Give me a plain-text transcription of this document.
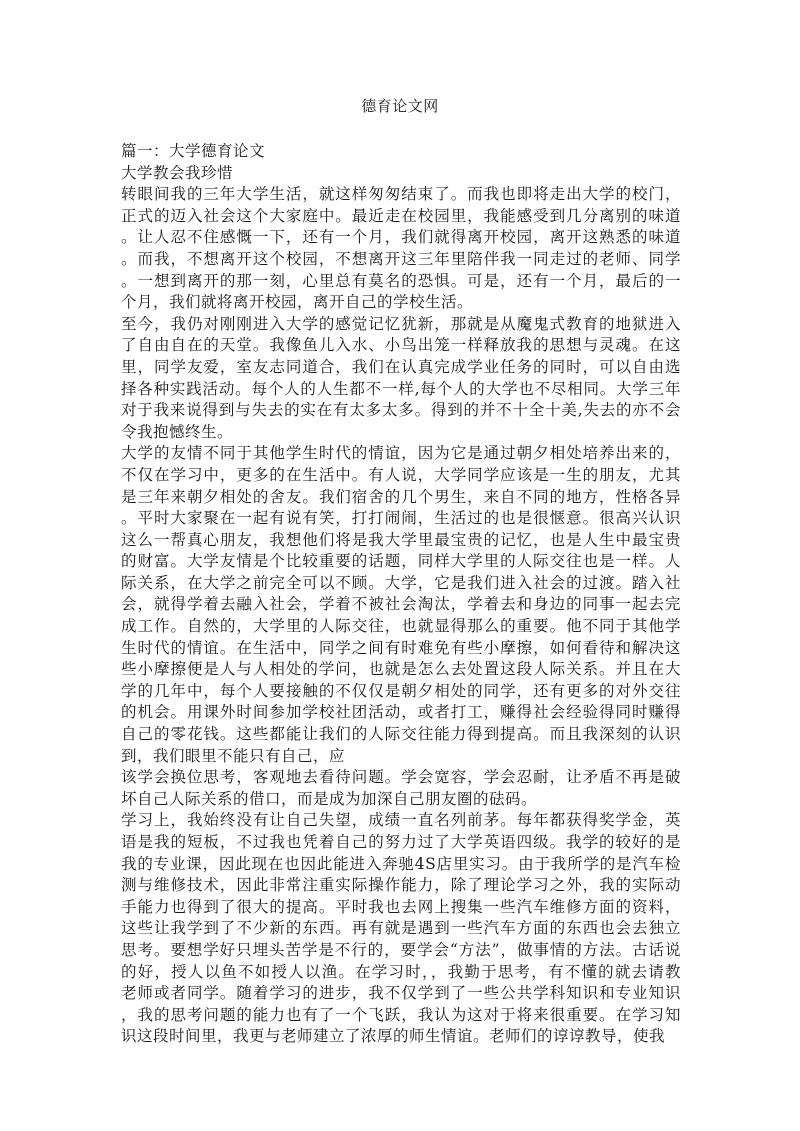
德育论文网
篇一：大学德育论文
大学教会我珍惜
转眼间我的三年大学生活，就这样匆匆结束了。而我也即将走出大学的校门，
正式的迈入社会这个大家庭中。最近走在校园里，我能感受到几分离别的味道
。让人忍不住感慨一下，还有一个月，我们就得离开校园，离开这熟悉的味道
。而我，不想离开这个校园，不想离开这三年里陪伴我一同走过的老师、同学
。一想到离开的那一刻，心里总有莫名的恐惧。可是，还有一个月，最后的一
个月，我们就将离开校园，离开自己的学校生活。
至今，我仍对刚刚进入大学的感觉记忆犹新，那就是从魔鬼式教育的地狱进入
了自由自在的天堂。我像鱼儿入水、小鸟出笼一样释放我的思想与灵魂。在这
里，同学友爱，室友志同道合，我们在认真完成学业任务的同时，可以自由选
择各种实践活动。每个人的人生都不一样,每个人的大学也不尽相同。大学三年
对于我来说得到与失去的实在有太多太多。得到的并不十全十美,失去的亦不会
令我抱憾终生。
大学的友情不同于其他学生时代的情谊，因为它是通过朝夕相处培养出来的，
不仅在学习中，更多的在生活中。有人说，大学同学应该是一生的朋友，尤其
是三年来朝夕相处的舍友。我们宿舍的几个男生，来自不同的地方，性格各异
。平时大家聚在一起有说有笑，打打闹闹，生活过的也是很惬意。很高兴认识
这么一帮真心朋友，我想他们将是我大学里最宝贵的记忆，也是人生中最宝贵
的财富。大学友情是个比较重要的话题，同样大学里的人际交往也是一样。人
际关系，在大学之前完全可以不顾。大学，它是我们进入社会的过渡。踏入社
会，就得学着去融入社会，学着不被社会淘汰，学着去和身边的同事一起去完
成工作。自然的，大学里的人际交往，也就显得那么的重要。他不同于其他学
生时代的情谊。在生活中，同学之间有时难免有些小摩擦，如何看待和解决这
些小摩擦便是人与人相处的学问，也就是怎么去处置这段人际关系。并且在大
学的几年中，每个人要接触的不仅仅是朝夕相处的同学，还有更多的对外交往
的机会。用课外时间参加学校社团活动，或者打工，赚得社会经验得同时赚得
自己的零花钱。这些都能让我们的人际交往能力得到提高。而且我深刻的认识
到，我们眼里不能只有自己，应
该学会换位思考，客观地去看待问题。学会宽容，学会忍耐，让矛盾不再是破
坏自己人际关系的借口，而是成为加深自己朋友圈的砝码。
学习上，我始终没有让自己失望，成绩一直名列前茅。每年都获得奖学金，英
语是我的短板，不过我也凭着自己的努力过了大学英语四级。我学的较好的是
我的专业课，因此现在也因此能进入奔驰4S店里实习。由于我所学的是汽车检
测与维修技术，因此非常注重实际操作能力，除了理论学习之外，我的实际动
手能力也得到了很大的提高。平时我也去网上搜集一些汽车维修方面的资料，
这些让我学到了不少新的东西。再有就是遇到一些汽车方面的东西也会去独立
思考。要想学好只埋头苦学是不行的，要学会“方法”，做事情的方法。古话说
的好，授人以鱼不如授人以渔。在学习时，，我勤于思考，有不懂的就去请教
老师或者同学。随着学习的进步，我不仅学到了一些公共学科知识和专业知识
，我的思考问题的能力也有了一个飞跃，我认为这对于将来很重要。在学习知
识这段时间里，我更与老师建立了浓厚的师生情谊。老师们的谆谆教导，使我
